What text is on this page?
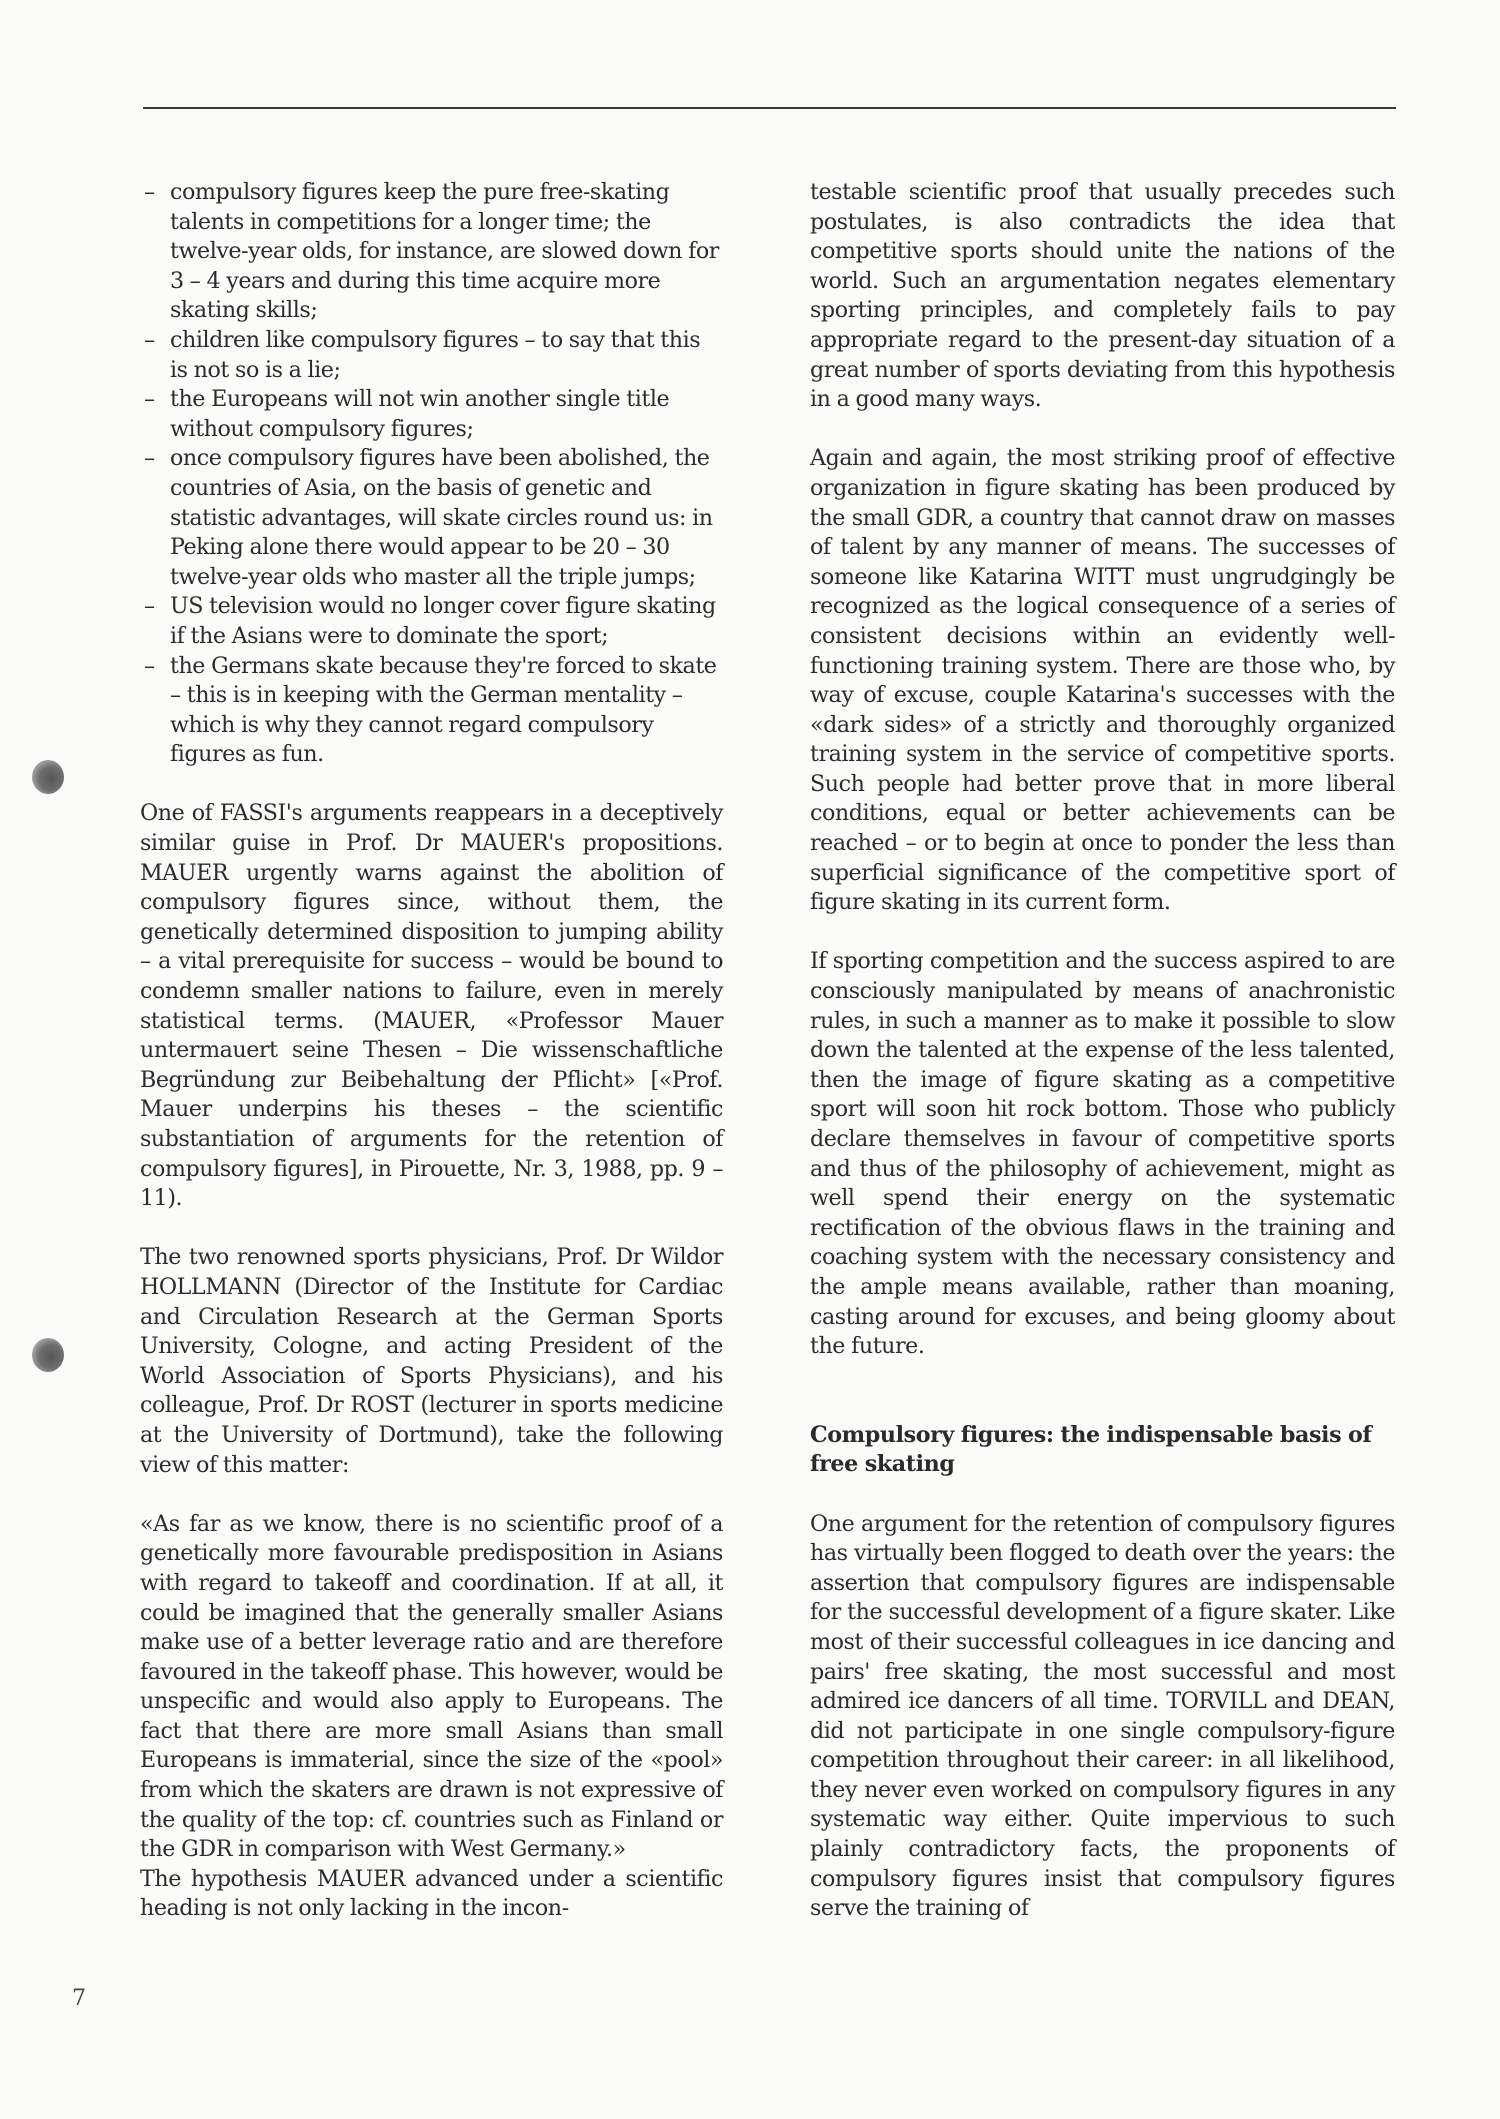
– compulsory figures keep the pure free-skating talents in competitions for a longer time; the twelve-year olds, for instance, are slowed down for 3 – 4 years and during this time acquire more skating skills;
– children like compulsory figures – to say that this is not so is a lie;
– the Europeans will not win another single title without compulsory figures;
– once compulsory figures have been abolished, the countries of Asia, on the basis of genetic and statistic advantages, will skate circles round us: in Peking alone there would appear to be 20 – 30 twelve-year olds who master all the triple jumps;
– US television would no longer cover figure skating if the Asians were to dominate the sport;
– the Germans skate because they're forced to skate – this is in keeping with the German mentality – which is why they cannot regard compulsory figures as fun.

One of FASSI's arguments reappears in a deceptively similar guise in Prof. Dr MAUER's propositions. MAUER urgently warns against the abolition of compulsory figures since, without them, the genetically determined disposition to jumping ability – a vital prerequisite for success – would be bound to condemn smaller nations to failure, even in merely statistical terms. (MAUER, «Professor Mauer untermauert seine Thesen – Die wissenschaftliche Begründung zur Beibehaltung der Pflicht» [«Prof. Mauer underpins his theses – the scientific substantiation of arguments for the retention of compulsory figures], in Pirouette, Nr. 3, 1988, pp. 9 – 11).

The two renowned sports physicians, Prof. Dr Wildor HOLLMANN (Director of the Institute for Cardiac and Circulation Research at the German Sports University, Cologne, and acting President of the World Association of Sports Physicians), and his colleague, Prof. Dr ROST (lecturer in sports medicine at the University of Dortmund), take the following view of this matter:

«As far as we know, there is no scientific proof of a genetically more favourable predisposition in Asians with regard to takeoff and coordination. If at all, it could be imagined that the generally smaller Asians make use of a better leverage ratio and are therefore favoured in the takeoff phase. This however, would be unspecific and would also apply to Europeans. The fact that there are more small Asians than small Europeans is immaterial, since the size of the «pool» from which the skaters are drawn is not expressive of the quality of the top: cf. countries such as Finland or the GDR in comparison with West Germany.»

The hypothesis MAUER advanced under a scientific heading is not only lacking in the incon-

testable scientific proof that usually precedes such postulates, is also contradicts the idea that competitive sports should unite the nations of the world. Such an argumentation negates elementary sporting principles, and completely fails to pay appropriate regard to the present-day situation of a great number of sports deviating from this hypothesis in a good many ways.

Again and again, the most striking proof of effective organization in figure skating has been produced by the small GDR, a country that cannot draw on masses of talent by any manner of means. The successes of someone like Katarina WITT must ungrudgingly be recognized as the logical consequence of a series of consistent decisions within an evidently well-functioning training system. There are those who, by way of excuse, couple Katarina's successes with the «dark sides» of a strictly and thoroughly organized training system in the service of competitive sports. Such people had better prove that in more liberal conditions, equal or better achievements can be reached – or to begin at once to ponder the less than superficial significance of the competitive sport of figure skating in its current form.

If sporting competition and the success aspired to are consciously manipulated by means of anachronistic rules, in such a manner as to make it possible to slow down the talented at the expense of the less talented, then the image of figure skating as a competitive sport will soon hit rock bottom. Those who publicly declare themselves in favour of competitive sports and thus of the philosophy of achievement, might as well spend their energy on the systematic rectification of the obvious flaws in the training and coaching system with the necessary consistency and the ample means available, rather than moaning, casting around for excuses, and being gloomy about the future.

Compulsory figures: the indispensable basis of free skating

One argument for the retention of compulsory figures has virtually been flogged to death over the years: the assertion that compulsory figures are indispensable for the successful development of a figure skater. Like most of their successful colleagues in ice dancing and pairs' free skating, the most successful and most admired ice dancers of all time. TORVILL and DEAN, did not participate in one single compulsory-figure competition throughout their career: in all likelihood, they never even worked on compulsory figures in any systematic way either. Quite impervious to such plainly contradictory facts, the proponents of compulsory figures insist that compulsory figures serve the training of

7
